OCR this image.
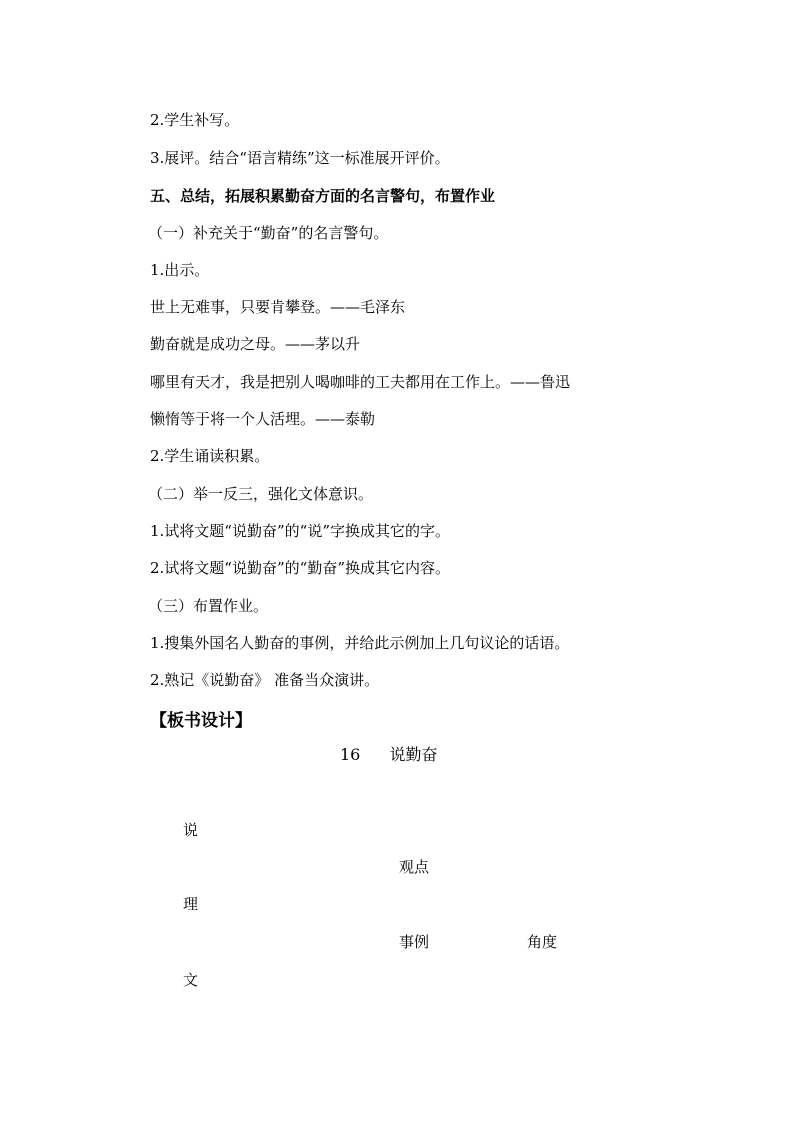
2.学生补写。
3.展评。结合“语言精练”这一标准展开评价。
五、总结，拓展积累勤奋方面的名言警句，布置作业
（一）补充关于“勤奋”的名言警句。
1.出示。
世上无难事，只要肯攀登。——毛泽东
勤奋就是成功之母。——茅以升
哪里有天才，我是把别人喝咖啡的工夫都用在工作上。——鲁迅
懒惰等于将一个人活埋。——泰勒
2.学生诵读积累。
（二）举一反三，强化文体意识。
1.试将文题“说勤奋”的“说”字换成其它的字。
2.试将文题“说勤奋”的“勤奋”换成其它内容。
（三）布置作业。
1.搜集外国名人勤奋的事例，并给此示例加上几句议论的话语。
2.熟记《说勤奋》 准备当众演讲。
【板书设计】
16 说勤奋
说
理
文
观点
事例	角度
